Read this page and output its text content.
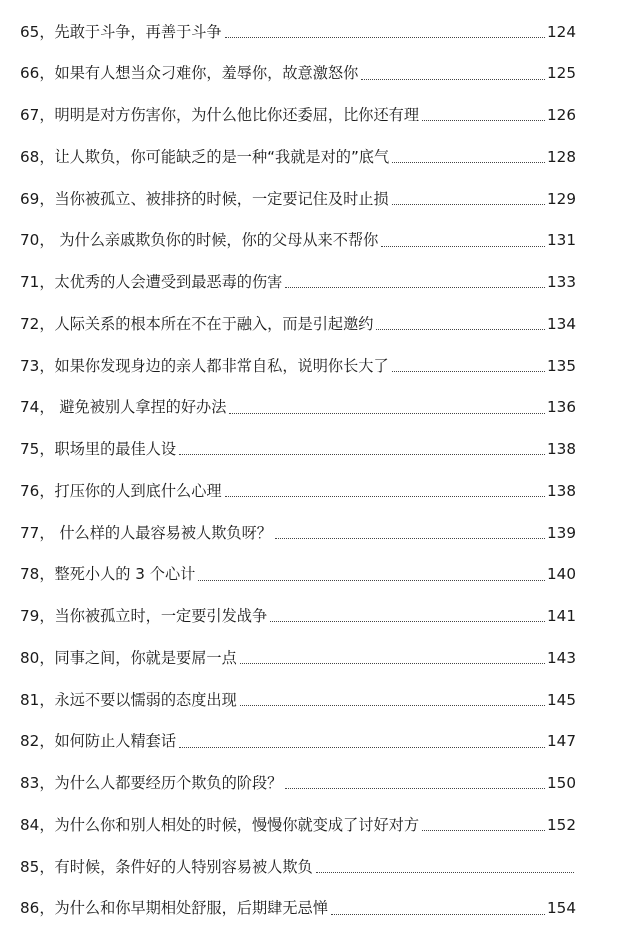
65，先敢于斗争，再善于斗争	124
66，如果有人想当众刁难你，羞辱你，故意激怒你	125
67，明明是对方伤害你，为什么他比你还委屈，比你还有理	126
68，让人欺负，你可能缺乏的是一种“我就是对的”底气	128
69，当你被孤立、被排挤的时候，一定要记住及时止损	129
70， 为什么亲戚欺负你的时候，你的父母从来不帮你	131
71，太优秀的人会遭受到最恶毒的伤害	133
72，人际关系的根本所在不在于融入，而是引起邀约	134
73，如果你发现身边的亲人都非常自私，说明你长大了	135
74， 避免被别人拿捏的好办法	136
75，职场里的最佳人设	138
76，打压你的人到底什么心理	138
77， 什么样的人最容易被人欺负呀？	139
78，整死小人的 3 个心计	140
79，当你被孤立时，一定要引发战争	141
80，同事之间，你就是要屌一点	143
81，永远不要以懦弱的态度出现	145
82，如何防止人精套话	147
83，为什么人都要经历个欺负的阶段？	150
84，为什么你和别人相处的时候，慢慢你就变成了讨好对方	152
85，有时候，条件好的人特别容易被人欺负
86，为什么和你早期相处舒服，后期肆无忌惮	154
